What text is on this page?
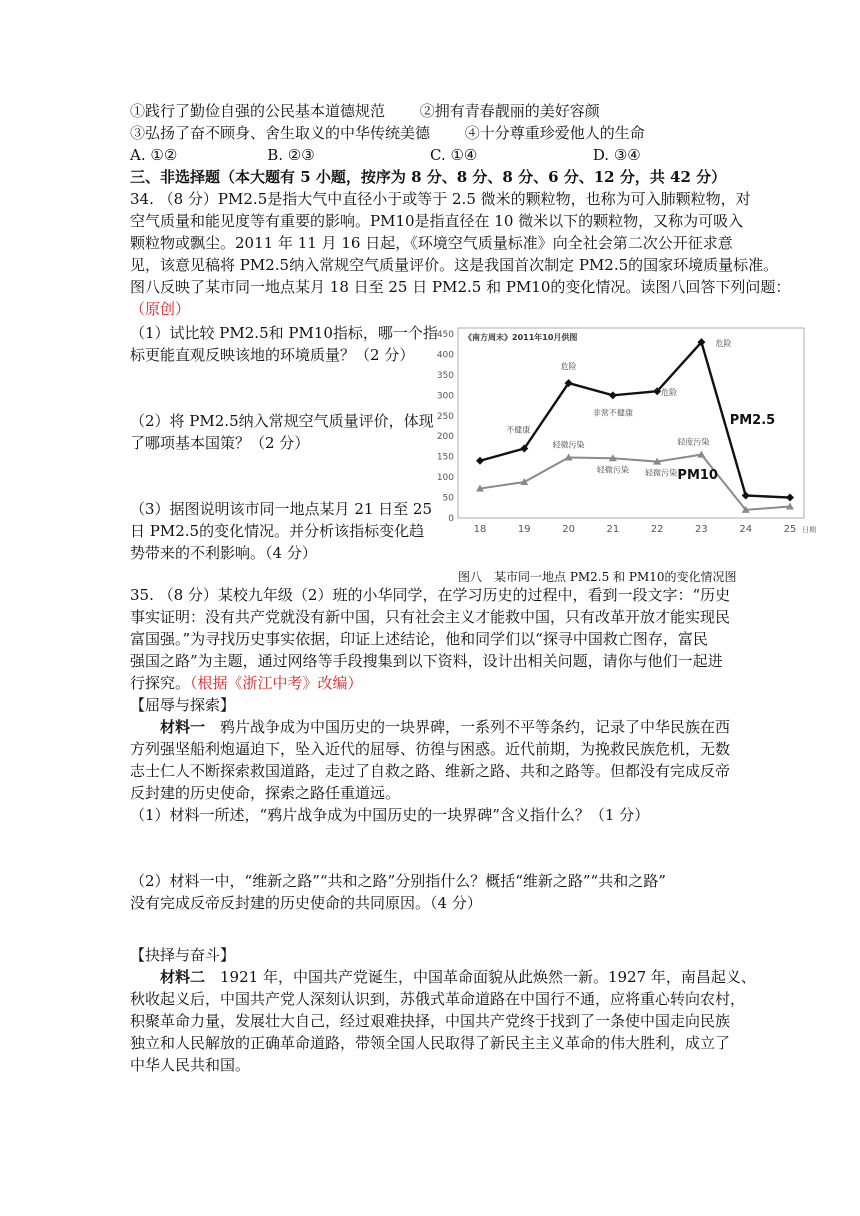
①践行了勤俭自强的公民基本道德规范　　 ②拥有青春靓丽的美好容颜
③弘扬了奋不顾身、舍生取义的中华传统美德　　 ④十分尊重珍爱他人的生命
A. ①②	B. ②③	C. ①④	D. ③④
三、非选择题（本大题有 5 小题，按序为 8 分、8 分、8 分、6 分、12 分，共 42 分）
34. （8 分）PM2.5是指大气中直径小于或等于 2.5 微米的颗粒物，也称为可入肺颗粒物，对
空气质量和能见度等有重要的影响。PM10是指直径在 10 微米以下的颗粒物，又称为可吸入
颗粒物或飘尘。2011 年 11 月 16 日起，《环境空气质量标准》向全社会第二次公开征求意
见，该意见稿将 PM2.5纳入常规空气质量评价。这是我国首次制定 PM2.5的国家环境质量标准。
图八反映了某市同一地点某月 18 日至 25 日 PM2.5 和 PM10的变化情况。读图八回答下列问题：
（原创）
（1）试比较 PM2.5和 PM10指标，哪一个指
标更能直观反映该地的环境质量？（2 分）
（2）将 PM2.5纳入常规空气质量评价，体现
了哪项基本国策？（2 分）
（3）据图说明该市同一地点某月 21 日至 25
日 PM2.5的变化情况。并分析该指标变化趋
势带来的不利影响。（4 分）
0
50
100
150
200
250
300
350
400
450
18	19	20	21	22	23	24	25 日期
《南方周末》2011年10月供图
PM2.5
PM10
不健康
危险
非常不健康
危险
危险
轻微污染
轻微污染 轻微污染
轻度污染
图八　某市同一地点 PM2.5 和 PM10的变化情况图
35. （8 分）某校九年级（2）班的小华同学，在学习历史的过程中，看到一段文字：“历史
事实证明：没有共产党就没有新中国，只有社会主义才能救中国，只有改革开放才能实现民
富国强。”为寻找历史事实依据，印证上述结论，他和同学们以“探寻中国救亡图存，富民
强国之路”为主题，通过网络等手段搜集到以下资料，设计出相关问题，请你与他们一起进
行探究。（根据《浙江中考》改编）
【屈辱与探索】
材料一　鸦片战争成为中国历史的一块界碑，一系列不平等条约，记录了中华民族在西
方列强坚船利炮逼迫下，坠入近代的屈辱、彷徨与困惑。近代前期，为挽救民族危机，无数
志士仁人不断探索救国道路，走过了自救之路、维新之路、共和之路等。但都没有完成反帝
反封建的历史使命，探索之路任重道远。
（1）材料一所述，“鸦片战争成为中国历史的一块界碑”含义指什么？（1 分）
（2）材料一中，“维新之路”“共和之路”分别指什么？概括“维新之路”“共和之路”
没有完成反帝反封建的历史使命的共同原因。（4 分）
【抉择与奋斗】
材料二　1921 年，中国共产党诞生，中国革命面貌从此焕然一新。1927 年，南昌起义、
秋收起义后，中国共产党人深刻认识到，苏俄式革命道路在中国行不通，应将重心转向农村，
积聚革命力量，发展壮大自己，经过艰难抉择，中国共产党终于找到了一条使中国走向民族
独立和人民解放的正确革命道路，带领全国人民取得了新民主主义革命的伟大胜利，成立了
中华人民共和国。
